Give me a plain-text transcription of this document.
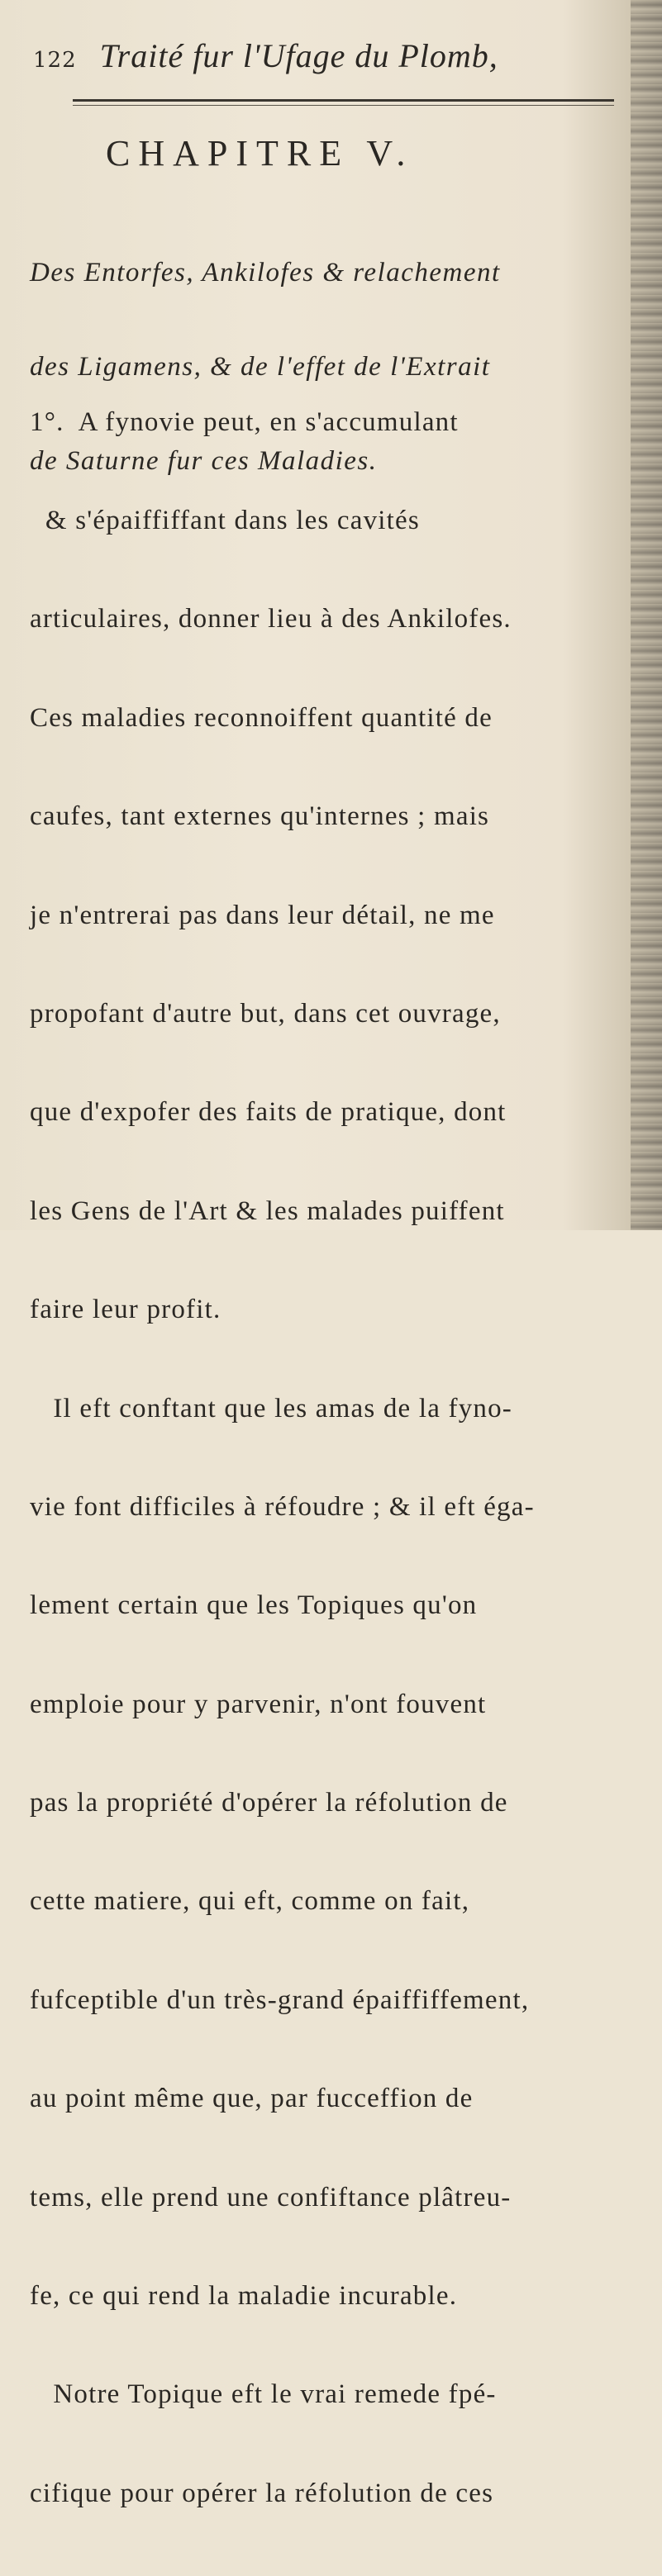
122 Traité fur l'Ufage du Plomb,
CHAPITRE V.

Des Entorfes, Ankilofes & relachement

des Ligamens, & de l'effet de l'Extrait

de Saturne fur ces Maladies.

1°.  A fynovie peut, en s'accumulant

& s'épaiffiffant dans les cavités

articulaires, donner lieu à des Ankilofes.

Ces maladies reconnoiffent quantité de

caufes, tant externes qu'internes ; mais

je n'entrerai pas dans leur détail, ne me

propofant d'autre but, dans cet ouvrage,

que d'expofer des faits de pratique, dont

les Gens de l'Art & les malades puiffent

faire leur profit.

Il eft conftant que les amas de la fyno-

vie font difficiles à réfoudre ; & il eft éga-

lement certain que les Topiques qu'on

emploie pour y parvenir, n'ont fouvent

pas la propriété d'opérer la réfolution de

cette matiere, qui eft, comme on fait,

fufceptible d'un très-grand épaiffiffement,

au point même que, par fucceffion de

tems, elle prend une confiftance plâtreu-

fe, ce qui rend la maladie incurable.

Notre Topique eft le vrai remede fpé-

cifique pour opérer la réfolution de ces
